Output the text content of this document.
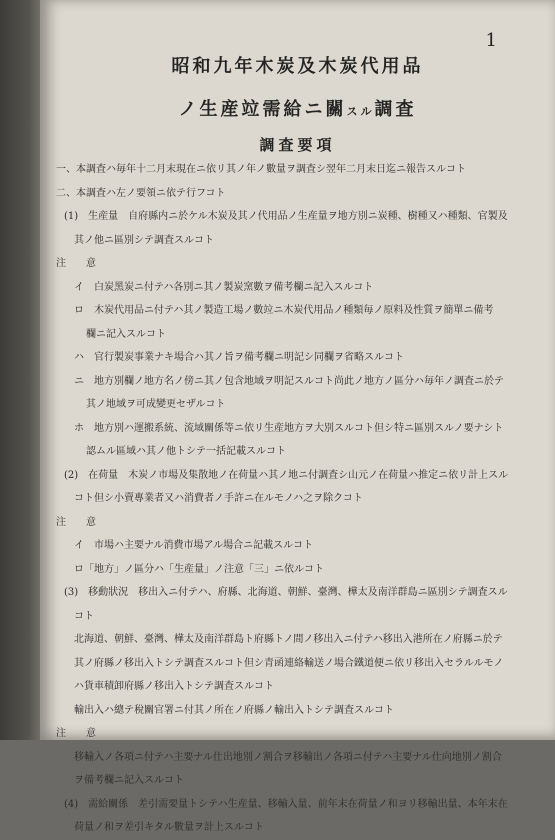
1
昭和九年木炭及木炭代用品
ノ生産竝需給ニ關スル調査
調査要項
一、本調査ハ毎年十二月末現在ニ依リ其ノ年ノ數量ヲ調査シ翌年二月末日迄ニ報告スルコト
二、本調査ハ左ノ要領ニ依テ行フコト
(1)　生産量　自府縣内ニ於ケル木炭及其ノ代用品ノ生産量ヲ地方別ニ炭種、樹種又ハ種類、官製及
其ノ他ニ區別シテ調査スルコト
注　　意
イ　白炭黑炭ニ付テハ各別ニ其ノ製炭窯數ヲ備考欄ニ記入スルコト
ロ　木炭代用品ニ付テハ其ノ製造工場ノ數竝ニ木炭代用品ノ種類毎ノ原料及性質ヲ簡單ニ備考
欄ニ記入スルコト
ハ　官行製炭事業ナキ場合ハ其ノ旨ヲ備考欄ニ明記シ同欄ヲ省略スルコト
ニ　地方別欄ノ地方名ノ傍ニ其ノ包含地域ヲ明記スルコト尚此ノ地方ノ區分ハ毎年ノ調査ニ於テ
其ノ地域ヲ可成變更セザルコト
ホ　地方別ハ運搬系統、流域關係等ニ依リ生産地方ヲ大別スルコト但シ特ニ區別スルノ要ナシト
認ムル區域ハ其ノ他トシテ一括記載スルコト
(2)　在荷量　木炭ノ市場及集散地ノ在荷量ハ其ノ地ニ付調査シ山元ノ在荷量ハ推定ニ依リ計上スル
コト但シ小賣專業者又ハ消費者ノ手許ニ在ルモノハ之ヲ除クコト
注　　意
イ　市場ハ主要ナル消費市場アル場合ニ記載スルコト
ロ「地方」ノ區分ハ「生産量」ノ注意「三」ニ依ルコト
(3)　移動狀況　移出入ニ付テハ、府縣、北海道、朝鮮、臺灣、樺太及南洋群島ニ區別シテ調査スル
コト
北海道、朝鮮、臺灣、樺太及南洋群島ト府縣トノ間ノ移出入ニ付テハ移出入港所在ノ府縣ニ於テ
其ノ府縣ノ移出入トシテ調査スルコト但シ青函連絡輸送ノ場合鐵道便ニ依リ移出入セラルルモノ
ハ貨車積卸府縣ノ移出入トシテ調査スルコト
輸出入ハ總テ稅關官署ニ付其ノ所在ノ府縣ノ輸出入トシテ調査スルコト
注　　意
移輸入ノ各項ニ付テハ主要ナル仕出地別ノ割合ヲ移輸出ノ各項ニ付テハ主要ナル仕向地別ノ割合
ヲ備考欄ニ記入スルコト
(4)　需給關係　差引需要量トシテハ生産量、移輸入量、前年末在荷量ノ和ヨリ移輸出量、本年末在
荷量ノ和ヲ差引キタル數量ヲ計上スルコト
